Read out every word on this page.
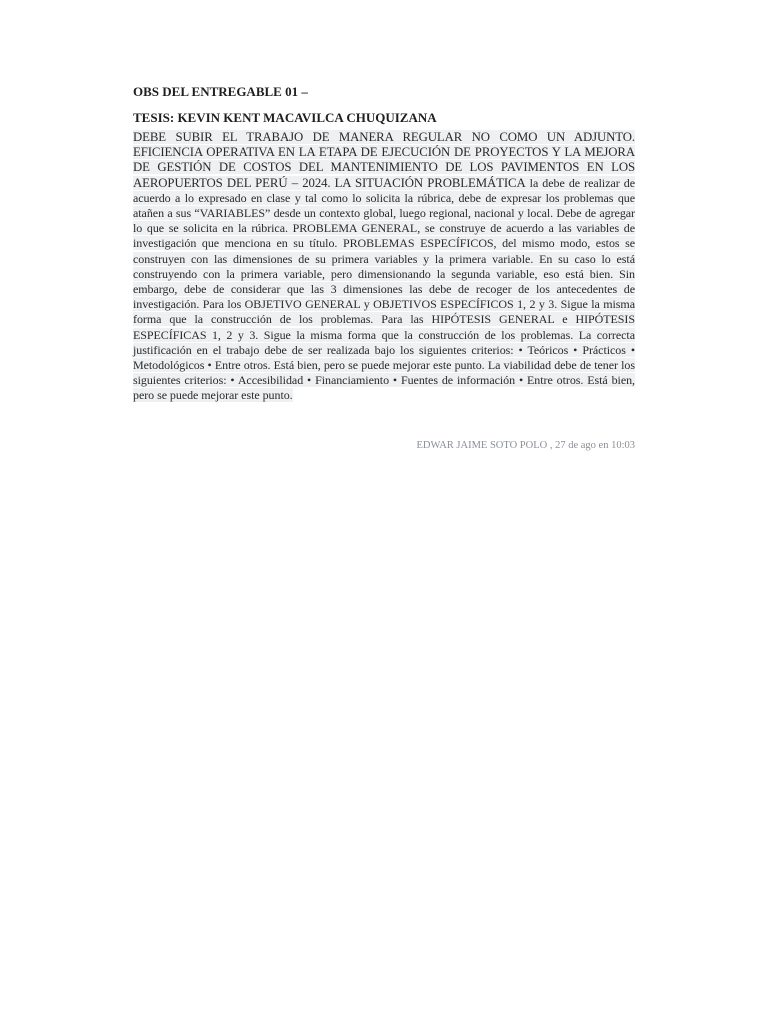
OBS DEL ENTREGABLE 01 –

TESIS: KEVIN KENT MACAVILCA CHUQUIZANA

DEBE SUBIR EL TRABAJO DE MANERA REGULAR NO COMO UN ADJUNTO. EFICIENCIA OPERATIVA EN LA ETAPA DE EJECUCIÓN DE PROYECTOS Y LA MEJORA DE GESTIÓN DE COSTOS DEL MANTENIMIENTO DE LOS PAVIMENTOS EN LOS AEROPUERTOS DEL PERÚ – 2024. LA SITUACIÓN PROBLEMÁTICA la debe de realizar de acuerdo a lo expresado en clase y tal como lo solicita la rúbrica, debe de expresar los problemas que atañen a sus “VARIABLES” desde un contexto global, luego regional, nacional y local. Debe de agregar lo que se solicita en la rúbrica. PROBLEMA GENERAL, se construye de acuerdo a las variables de investigación que menciona en su título. PROBLEMAS ESPECÍFICOS, del mismo modo, estos se construyen con las dimensiones de su primera variables y la primera variable. En su caso lo está construyendo con la primera variable, pero dimensionando la segunda variable, eso está bien. Sin embargo, debe de considerar que las 3 dimensiones las debe de recoger de los antecedentes de investigación. Para los OBJETIVO GENERAL y OBJETIVOS ESPECÍFICOS 1, 2 y 3. Sigue la misma forma que la construcción de los problemas. Para las HIPÓTESIS GENERAL e HIPÓTESIS ESPECÍFICAS 1, 2 y 3. Sigue la misma forma que la construcción de los problemas. La correcta justificación en el trabajo debe de ser realizada bajo los siguientes criterios: • Teóricos • Prácticos • Metodológicos • Entre otros. Está bien, pero se puede mejorar este punto. La viabilidad debe de tener los siguientes criterios: • Accesibilidad • Financiamiento • Fuentes de información • Entre otros. Está bien, pero se puede mejorar este punto.

EDWAR JAIME SOTO POLO , 27 de ago en 10:03
